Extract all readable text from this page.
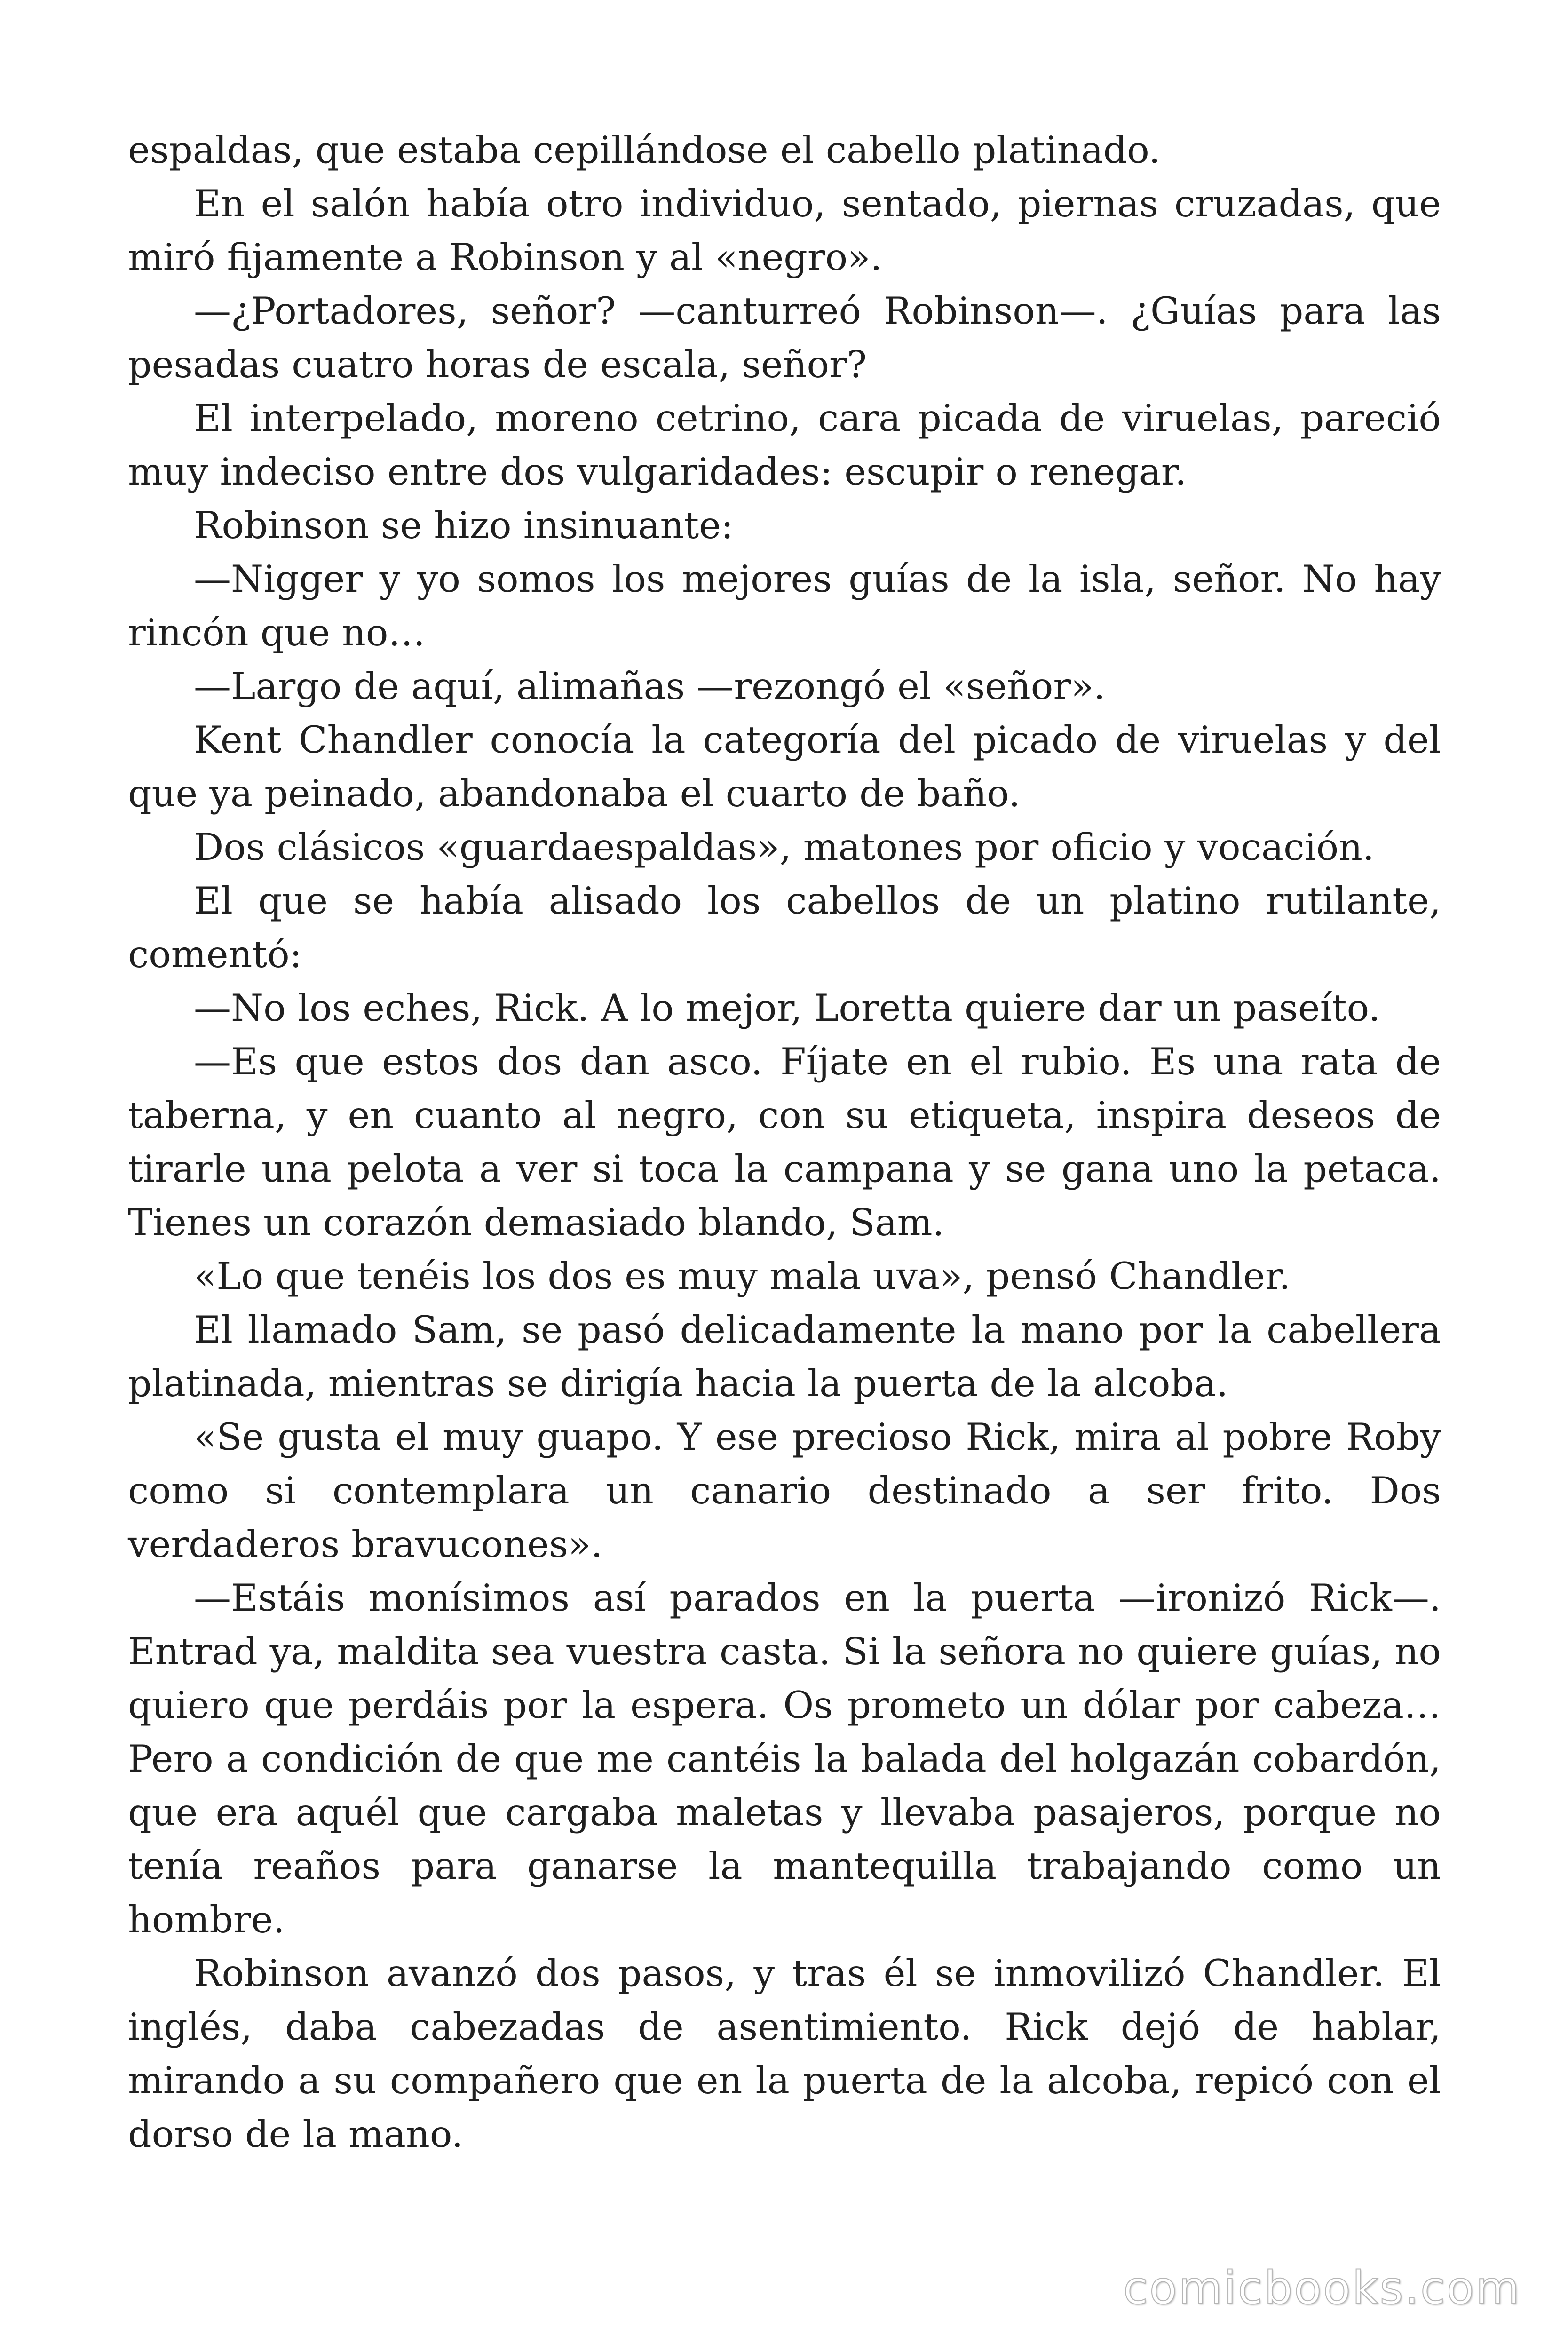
espaldas, que estaba cepillándose el cabello platinado.

En el salón había otro individuo, sentado, piernas cruzadas, que miró fijamente a Robinson y al «negro».

—¿Portadores, señor? —canturreó Robinson—. ¿Guías para las pesadas cuatro horas de escala, señor?

El interpelado, moreno cetrino, cara picada de viruelas, pareció muy indeciso entre dos vulgaridades: escupir o renegar.

Robinson se hizo insinuante:

—Nigger y yo somos los mejores guías de la isla, señor. No hay rincón que no…

—Largo de aquí, alimañas —rezongó el «señor».

Kent Chandler conocía la categoría del picado de viruelas y del que ya peinado, abandonaba el cuarto de baño.

Dos clásicos «guardaespaldas», matones por oficio y vocación.

El que se había alisado los cabellos de un platino rutilante, comentó:

—No los eches, Rick. A lo mejor, Loretta quiere dar un paseíto.

—Es que estos dos dan asco. Fíjate en el rubio. Es una rata de taberna, y en cuanto al negro, con su etiqueta, inspira deseos de tirarle una pelota a ver si toca la campana y se gana uno la petaca. Tienes un corazón demasiado blando, Sam.

«Lo que tenéis los dos es muy mala uva», pensó Chandler.

El llamado Sam, se pasó delicadamente la mano por la cabellera platinada, mientras se dirigía hacia la puerta de la alcoba.

«Se gusta el muy guapo. Y ese precioso Rick, mira al pobre Roby como si contemplara un canario destinado a ser frito. Dos verdaderos bravucones».

—Estáis monísimos así parados en la puerta —ironizó Rick—. Entrad ya, maldita sea vuestra casta. Si la señora no quiere guías, no quiero que perdáis por la espera. Os prometo un dólar por cabeza… Pero a condición de que me cantéis la balada del holgazán cobardón, que era aquél que cargaba maletas y llevaba pasajeros, porque no tenía reaños para ganarse la mantequilla trabajando como un hombre.

Robinson avanzó dos pasos, y tras él se inmovilizó Chandler. El inglés, daba cabezadas de asentimiento. Rick dejó de hablar, mirando a su compañero que en la puerta de la alcoba, repicó con el dorso de la mano.

comicbooks.com
